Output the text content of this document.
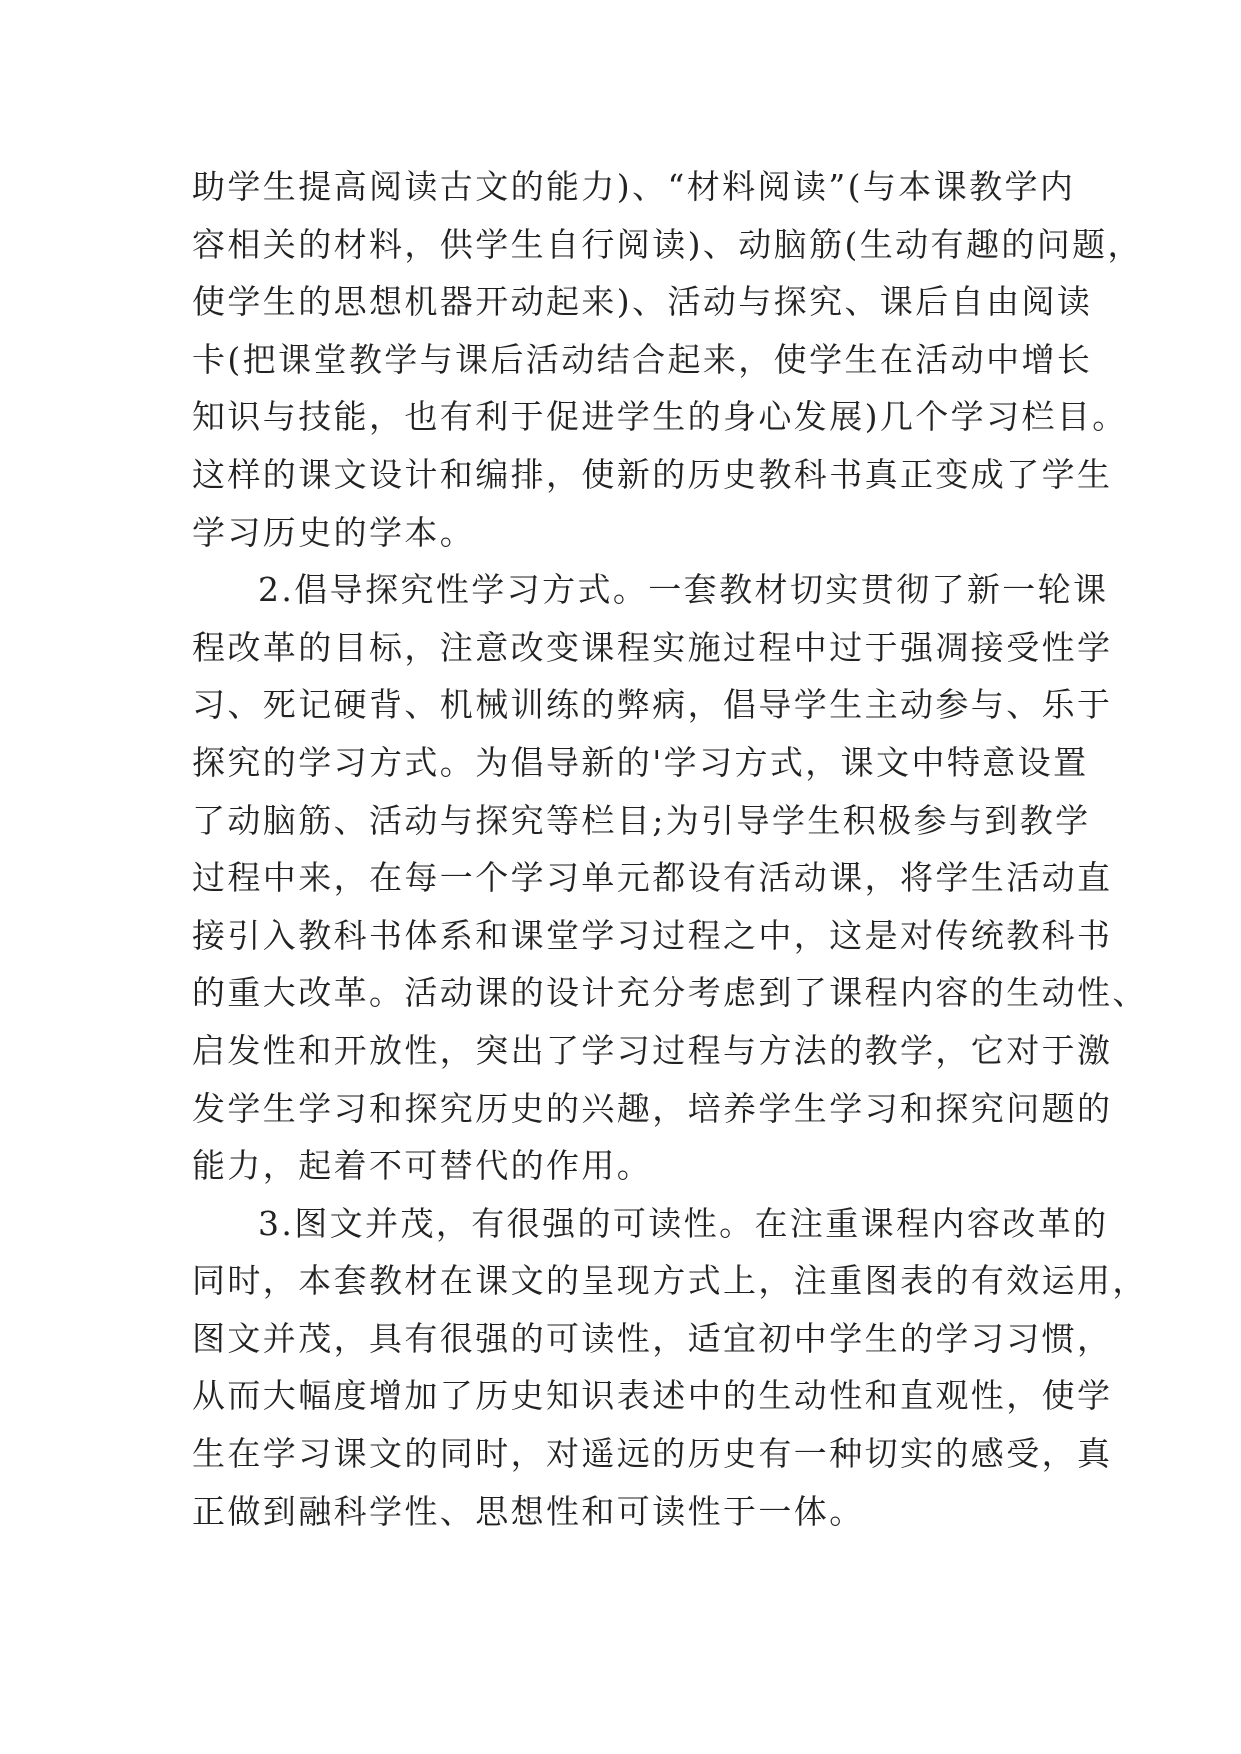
助学生提高阅读古文的能力)、“材料阅读”(与本课教学内
容相关的材料，供学生自行阅读)、动脑筋(生动有趣的问题，
使学生的思想机器开动起来)、活动与探究、课后自由阅读
卡(把课堂教学与课后活动结合起来，使学生在活动中增长
知识与技能，也有利于促进学生的身心发展)几个学习栏目。
这样的课文设计和编排，使新的历史教科书真正变成了学生
学习历史的学本。
2.倡导探究性学习方式。一套教材切实贯彻了新一轮课
程改革的目标，注意改变课程实施过程中过于强凋接受性学
习、死记硬背、机械训练的弊病，倡导学生主动参与、乐于
探究的学习方式。为倡导新的'学习方式，课文中特意设置
了动脑筋、活动与探究等栏目;为引导学生积极参与到教学
过程中来，在每一个学习单元都设有活动课，将学生活动直
接引入教科书体系和课堂学习过程之中，这是对传统教科书
的重大改革。活动课的设计充分考虑到了课程内容的生动性、
启发性和开放性，突出了学习过程与方法的教学，它对于激
发学生学习和探究历史的兴趣，培养学生学习和探究问题的
能力，起着不可替代的作用。
3.图文并茂，有很强的可读性。在注重课程内容改革的
同时，本套教材在课文的呈现方式上，注重图表的有效运用，
图文并茂，具有很强的可读性，适宜初中学生的学习习惯，
从而大幅度增加了历史知识表述中的生动性和直观性，使学
生在学习课文的同时，对遥远的历史有一种切实的感受，真
正做到融科学性、思想性和可读性于一体。
